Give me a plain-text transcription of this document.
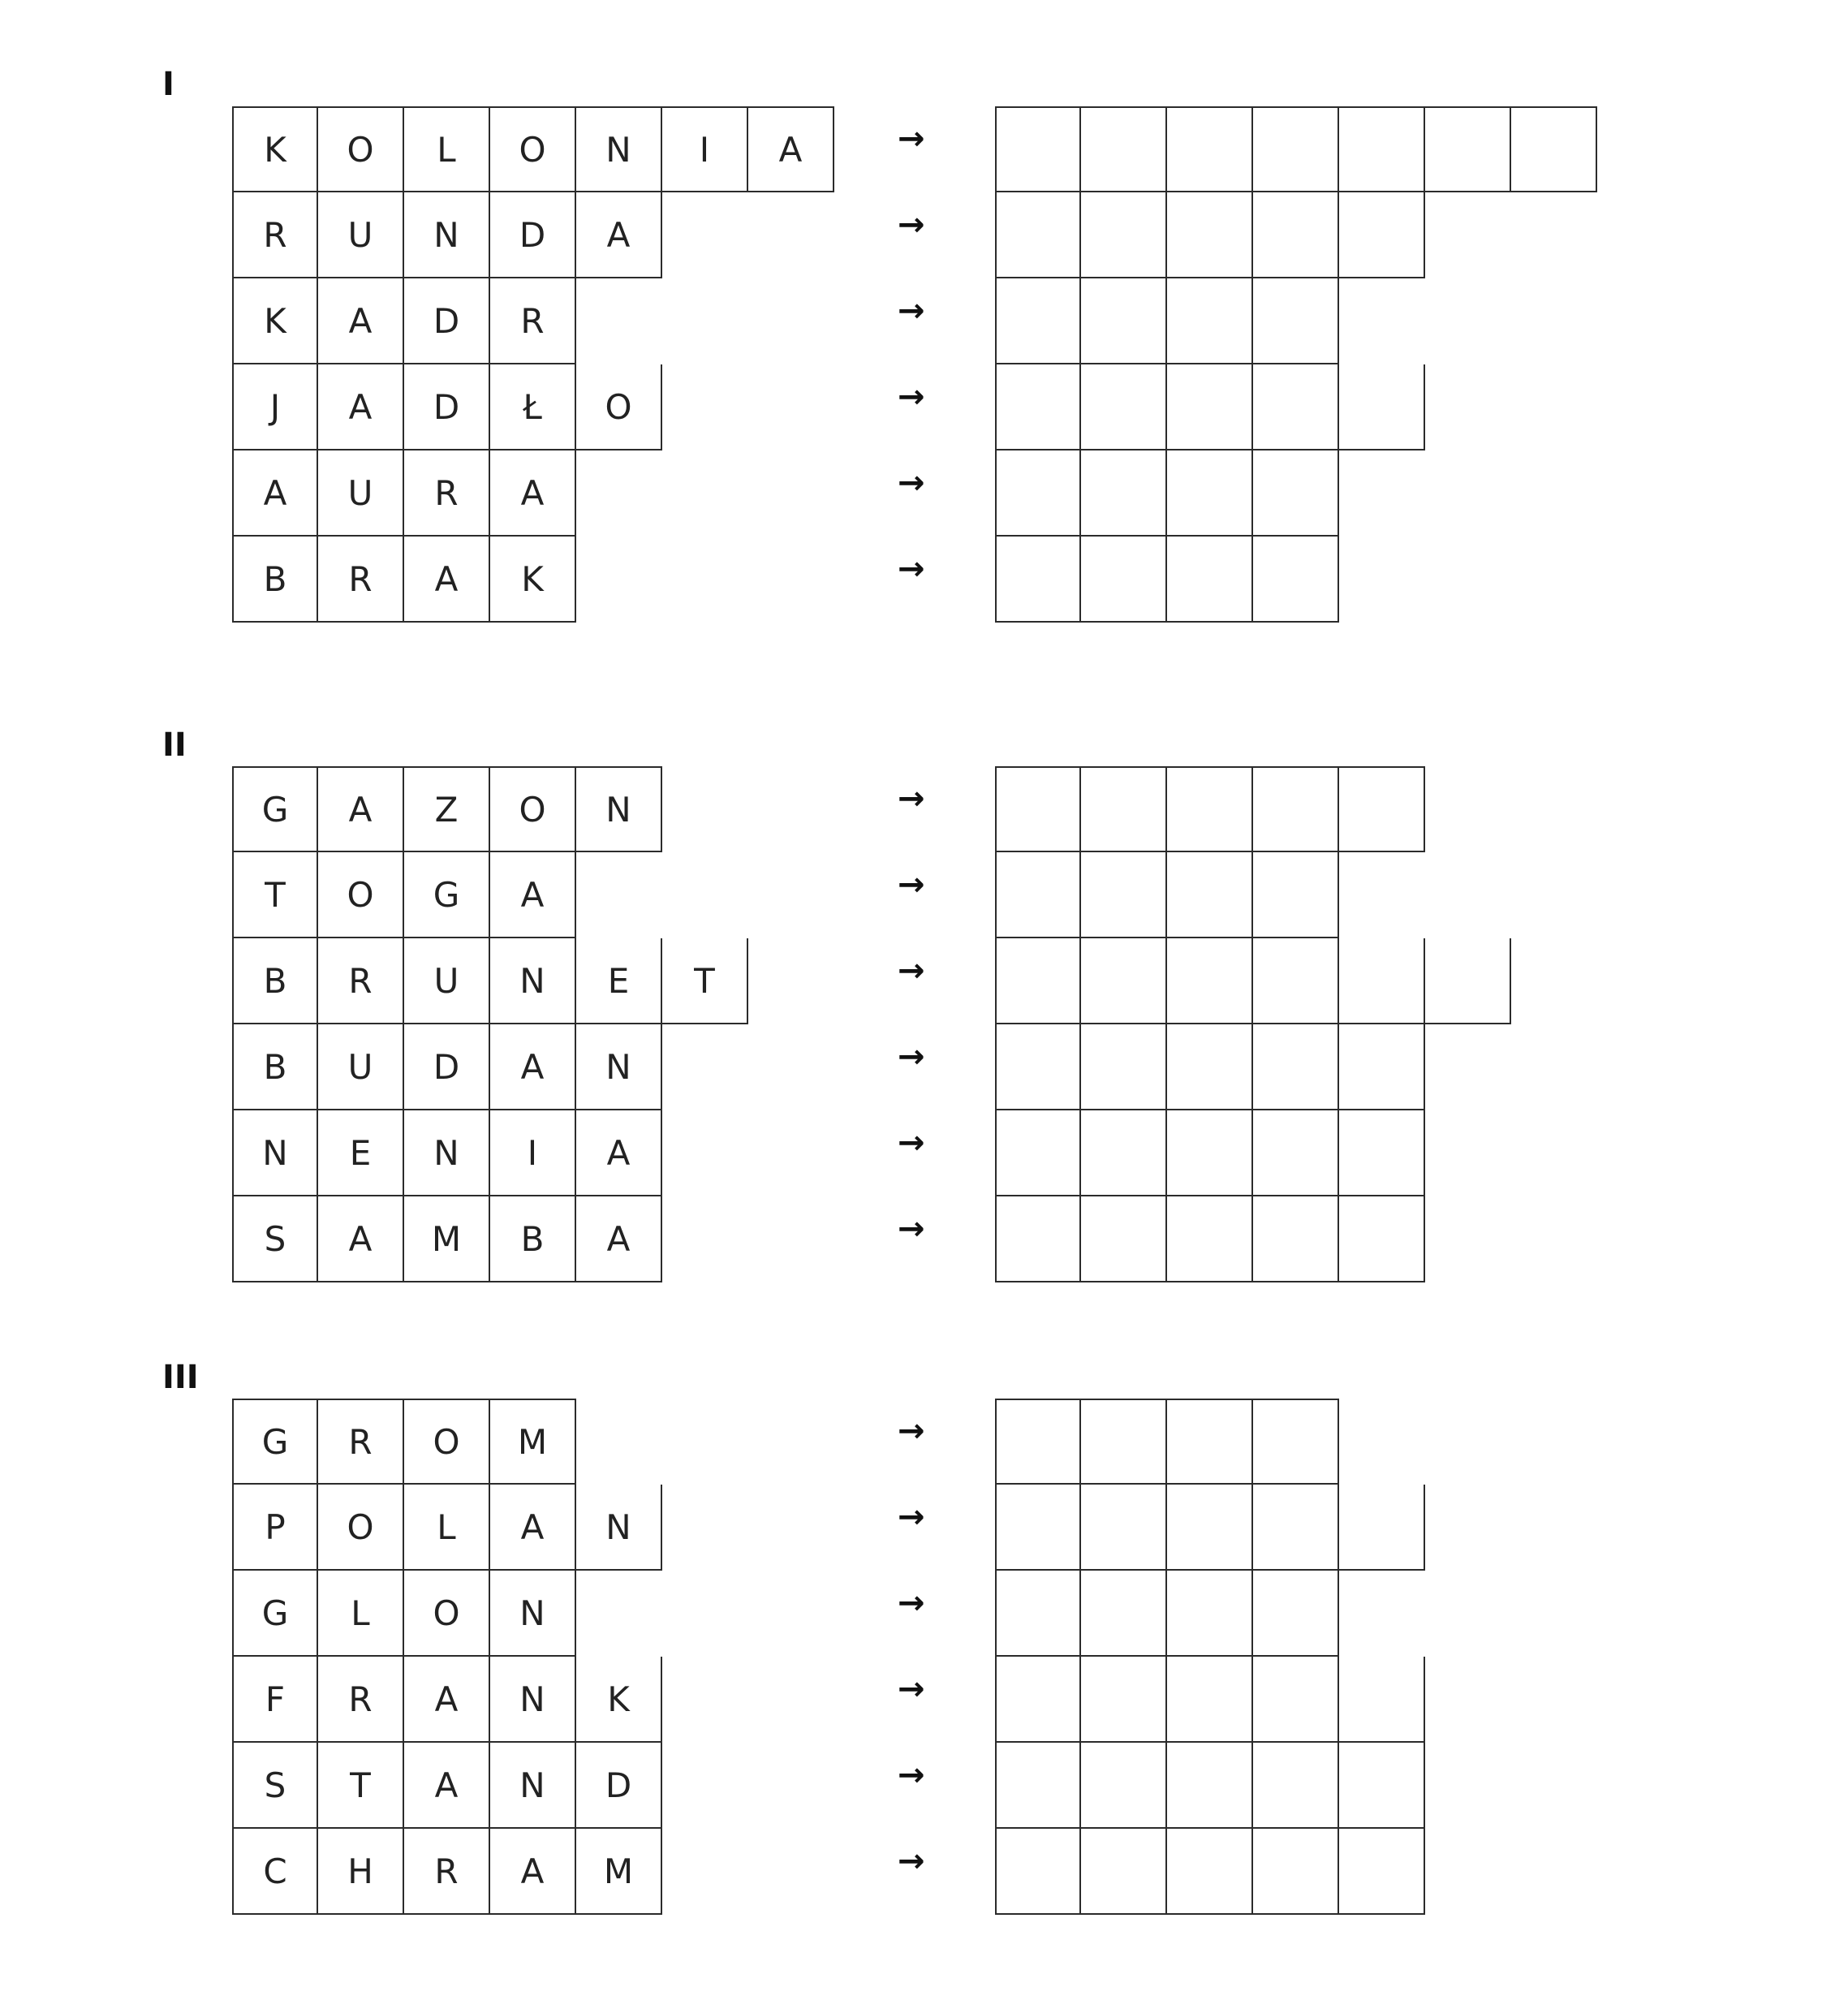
I
K	O	L	O	N	I	A	→
R	U	N	D	A	→
K	A	D	R	→
J	A	D	Ł	O	→
A	U	R	A	→
B	R	A	K	→
II
G	A	Z	O	N	→
T	O	G	A	→
B	R	U	N	E	T	→
B	U	D	A	N	→
N	E	N	I	A	→
S	A	M	B	A	→
III
G	R	O	M	→
P	O	L	A	N	→
G	L	O	N	→
F	R	A	N	K	→
S	T	A	N	D	→
C	H	R	A	M	→
